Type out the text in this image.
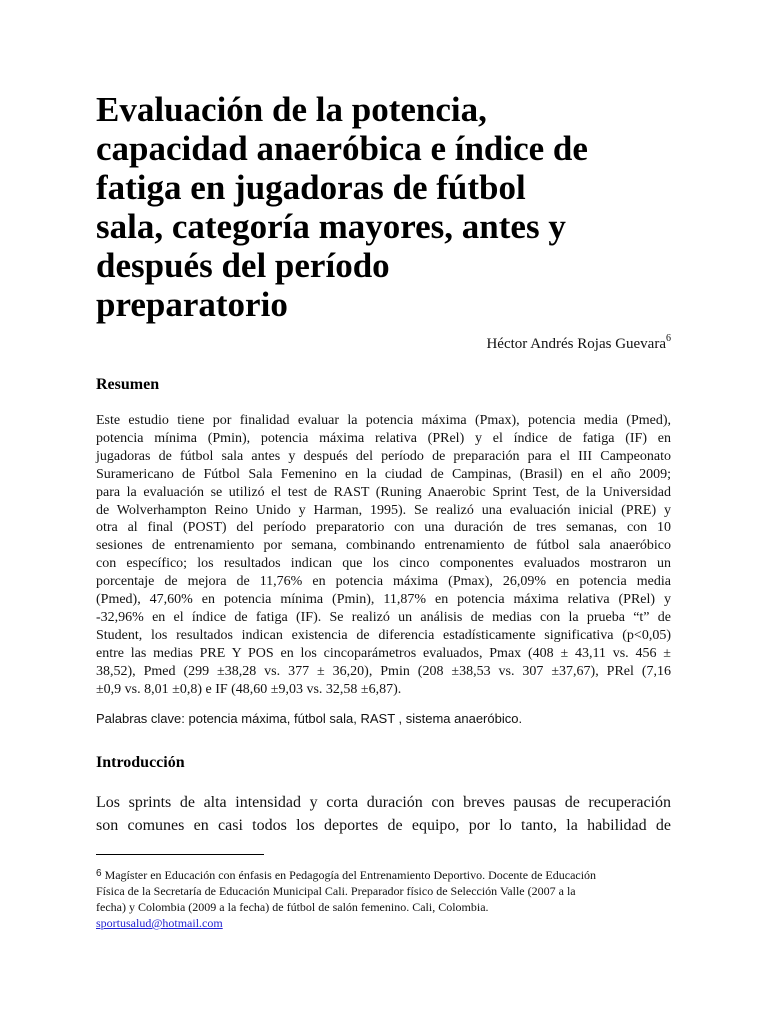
Evaluación de la potencia,
capacidad anaeróbica e índice de
fatiga en jugadoras de fútbol
sala, categoría mayores, antes y
después del período
preparatorio
Héctor Andrés Rojas Guevara$^6$
Resumen
Este estudio tiene por finalidad evaluar la potencia máxima (Pmax), potencia media (Pmed),
potencia mínima (Pmin), potencia máxima relativa (PRel) y el índice de fatiga (IF) en
jugadoras de fútbol sala antes y después del período de preparación para el III Campeonato
Suramericano de Fútbol Sala Femenino en la ciudad de Campinas, (Brasil) en el año 2009;
para la evaluación se utilizó el test de RAST (Runing Anaerobic Sprint Test, de la Universidad
de Wolverhampton Reino Unido y Harman, 1995). Se realizó una evaluación inicial (PRE) y
otra al final (POST) del período preparatorio con una duración de tres semanas, con 10
sesiones de entrenamiento por semana, combinando entrenamiento de fútbol sala anaeróbico
con específico; los resultados indican que los cinco componentes evaluados mostraron un
porcentaje de mejora de 11,76% en potencia máxima (Pmax), 26,09% en potencia media
(Pmed), 47,60% en potencia mínima (Pmin), 11,87% en potencia máxima relativa (PRel) y
-32,96% en el índice de fatiga (IF). Se realizó un análisis de medias con la prueba “t” de
Student, los resultados indican existencia de diferencia estadísticamente significativa (p<0,05)
entre las medias PRE Y POS en los cincoparámetros evaluados, Pmax (408 ± 43,11 vs. 456 ±
38,52), Pmed (299 ±38,28 vs. 377 ± 36,20), Pmin (208 ±38,53 vs. 307 ±37,67), PRel (7,16
±0,9 vs. 8,01 ±0,8) e IF (48,60 ±9,03 vs. 32,58 ±6,87).
Palabras clave: potencia máxima, fútbol sala, RAST , sistema anaeróbico.
Introducción
Los sprints de alta intensidad y corta duración con breves pausas de recuperación
son comunes en casi todos los deportes de equipo, por lo tanto, la habilidad de
$^6$ Magíster en Educación con énfasis en Pedagogía del Entrenamiento Deportivo. Docente de Educación
Física de la Secretaría de Educación Municipal Cali. Preparador físico de Selección Valle (2007 a la
fecha) y Colombia (2009 a la fecha) de fútbol de salón femenino. Cali, Colombia.
sportusalud@hotmail.com
